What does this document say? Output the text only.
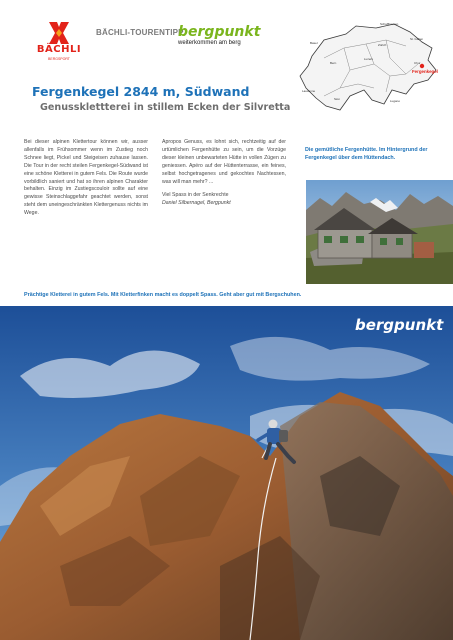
BÄCHLI
BERGSPORT
BÄCHLI-TOURENTIPP
bergpunkt
weiterkommen am berg
Schaffhausen
Basel	Zürich
St. Gallen
Bern
Luzern
Chur
Lausanne
Sion	Lugano
Fergenkegel
Fergenkegel 2844 m, Südwand
Genussklettterei in stillem Ecken der Silvretta
Bei dieser alpinen Klettertour können wir, ausser allenfalls im Frühsommer wenn im Zustieg noch Schnee liegt, Pickel und Steigeisen zuhause lassen. Die Tour in der recht steilen Fergenkegel-Südwand ist eine schöne Kletterei in gutem Fels. Die Route wurde vorbildlich saniert und hat so ihren alpinen Charakter behalten. Einzig im Zustiegscouloir sollte auf eine gewisse Steinschlaggefahr geachtet werden, sonst steht dem uneingeschränkten Klettergenuss nichts im Wege.
Apropos Genuss, es lohnt sich, rechtzeitig auf der urtümlichen Fergenhütte zu sein, um die Vorzüge dieser kleinen unbewarteten Hütte in vollen Zügen zu geniessen. Apéro auf der Hüttenterrasse, ein feines, selbst hochgetragenes und gekochtes Nachtessen, was will man mehr? ...
Viel Spass in der Senkrechte
Daniel Silbernagel, Bergpunkt
Die gemütliche Fergenhütte. Im Hintergrund der Fergenkegel über dem Hüttendach.
Prächtige Kletterei in gutem Fels. Mit Kletterfinken macht es doppelt Spass. Geht aber gut mit Bergschuhen.
bergpunkt
